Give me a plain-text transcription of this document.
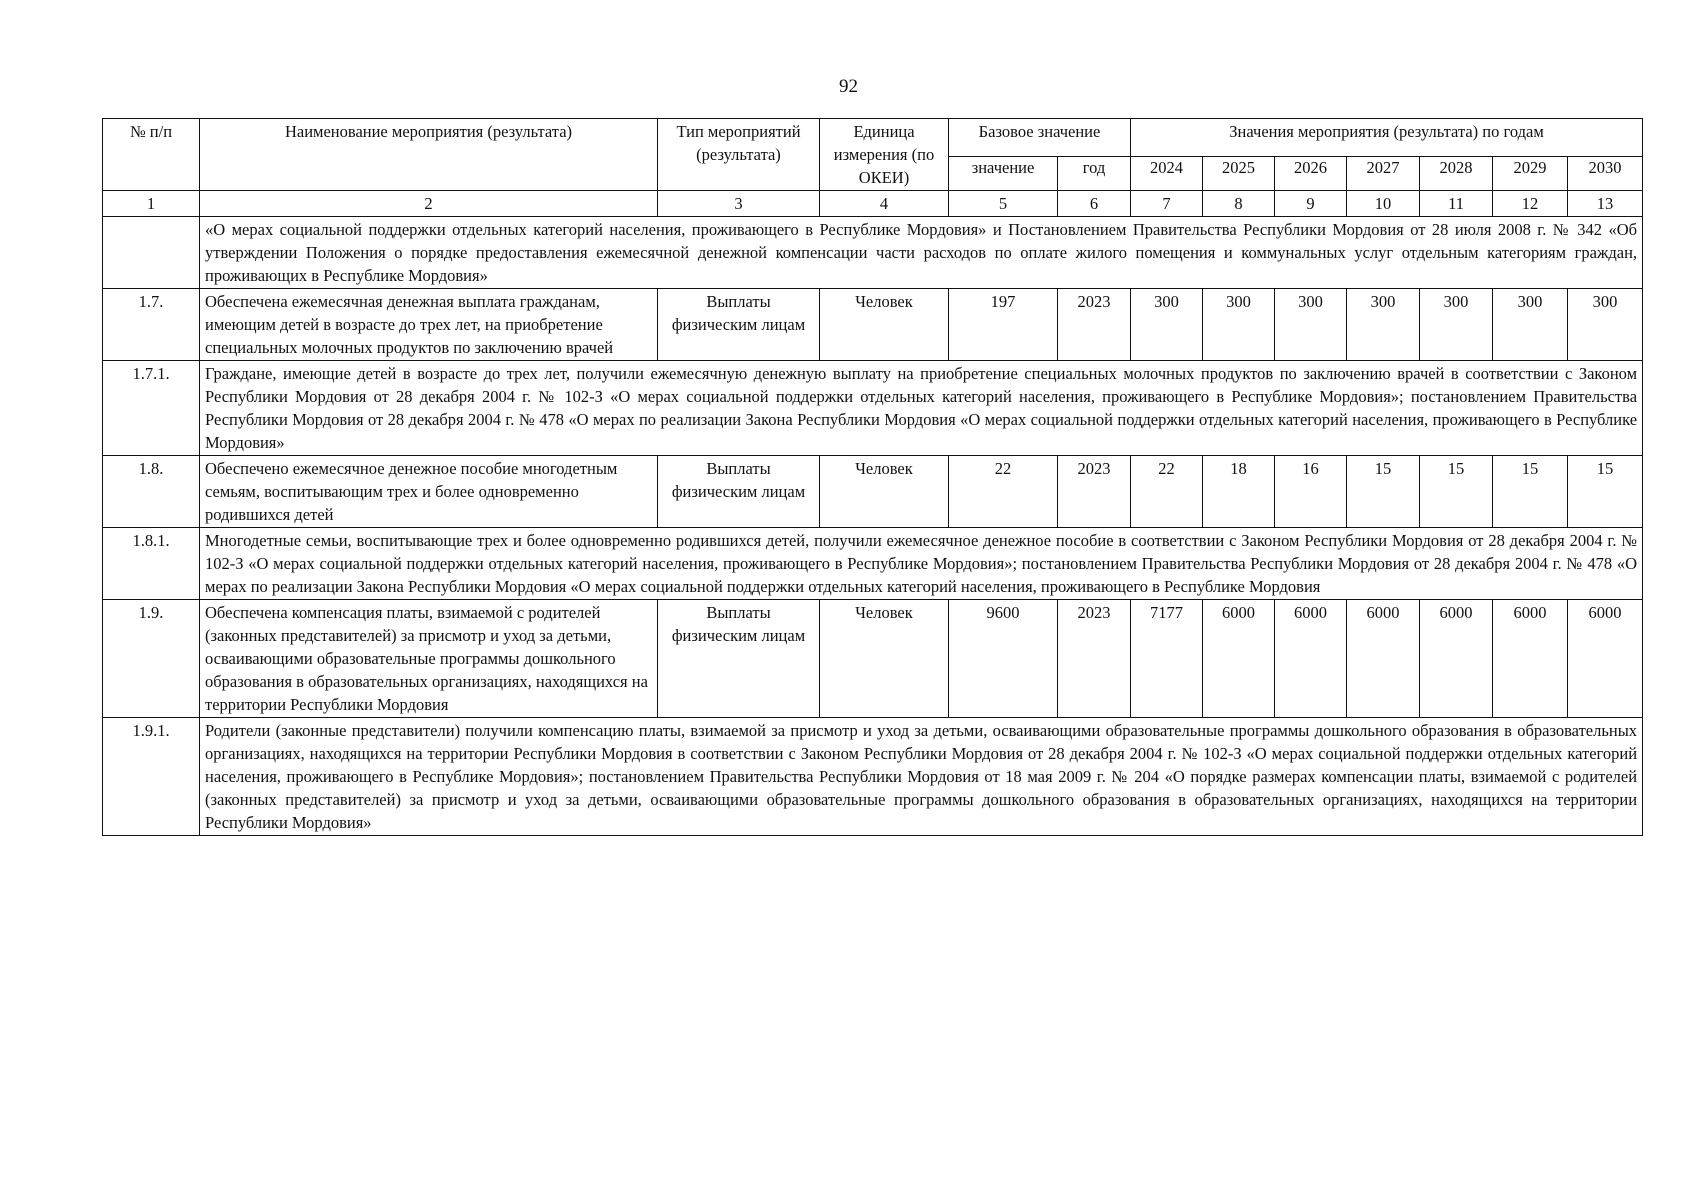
92
№ п/п	Наименование мероприятия (результата)	Тип мероприятий (результата)	Единица измерения (по ОКЕИ)	Базовое значение		Значения мероприятия (результата) по годам						
				значение	год	2024	2025	2026	2027	2028	2029	2030
1	2	3	4	5	6	7	8	9	10	11	12	13
	«О мерах социальной поддержки отдельных категорий населения, проживающего в Республике Мордовия» и Постановлением Правительства Республики Мордовия от 28 июля 2008 г. № 342 «Об утверждении Положения о порядке предоставления ежемесячной денежной компенсации части расходов по оплате жилого помещения и коммунальных услуг отдельным категориям граждан, проживающих в Республике Мордовия»											
1.7.	Обеспечена ежемесячная денежная выплата гражданам, имеющим детей в возрасте до трех лет, на приобретение специальных молочных продуктов по заключению врачей	Выплаты физическим лицам	Человек	197	2023	300	300	300	300	300	300	300
1.7.1.	Граждане, имеющие детей в возрасте до трех лет, получили ежемесячную денежную выплату на приобретение специальных молочных продуктов по заключению врачей в соответствии с Законом Республики Мордовия от 28 декабря 2004 г. № 102-З «О мерах социальной поддержки отдельных категорий населения, проживающего в Республике Мордовия»; постановлением Правительства Республики Мордовия от 28 декабря 2004 г. № 478 «О мерах по реализации Закона Республики Мордовия «О мерах социальной поддержки отдельных категорий населения, проживающего в Республике Мордовия»											
1.8.	Обеспечено ежемесячное денежное пособие многодетным семьям, воспитывающим трех и более одновременно родившихся детей	Выплаты физическим лицам	Человек	22	2023	22	18	16	15	15	15	15
1.8.1.	Многодетные семьи, воспитывающие трех и более одновременно родившихся детей, получили ежемесячное денежное пособие в соответствии с Законом Республики Мордовия от 28 декабря 2004 г. № 102-З «О мерах социальной поддержки отдельных категорий населения, проживающего в Республике Мордовия»; постановлением Правительства Республики Мордовия от 28 декабря 2004 г. № 478 «О мерах по реализации Закона Республики Мордовия «О мерах социальной поддержки отдельных категорий населения, проживающего в Республике Мордовия											
1.9.	Обеспечена компенсация платы, взимаемой с родителей (законных представителей) за присмотр и уход за детьми, осваивающими образовательные программы дошкольного образования в образовательных организациях, находящихся на территории Республики Мордовия	Выплаты физическим лицам	Человек	9600	2023	7177	6000	6000	6000	6000	6000	6000
1.9.1.	Родители (законные представители) получили компенсацию платы, взимаемой за присмотр и уход за детьми, осваивающими образовательные программы дошкольного образования в образовательных организациях, находящихся на территории Республики Мордовия в соответствии с Законом Республики Мордовия от 28 декабря 2004 г. № 102-З «О мерах социальной поддержки отдельных категорий населения, проживающего в Республике Мордовия»; постановлением Правительства Республики Мордовия от 18 мая 2009 г. № 204 «О порядке размерах компенсации платы, взимаемой с родителей (законных представителей) за присмотр и уход за детьми, осваивающими образовательные программы дошкольного образования в образовательных организациях, находящихся на территории Республики Мордовия»											
